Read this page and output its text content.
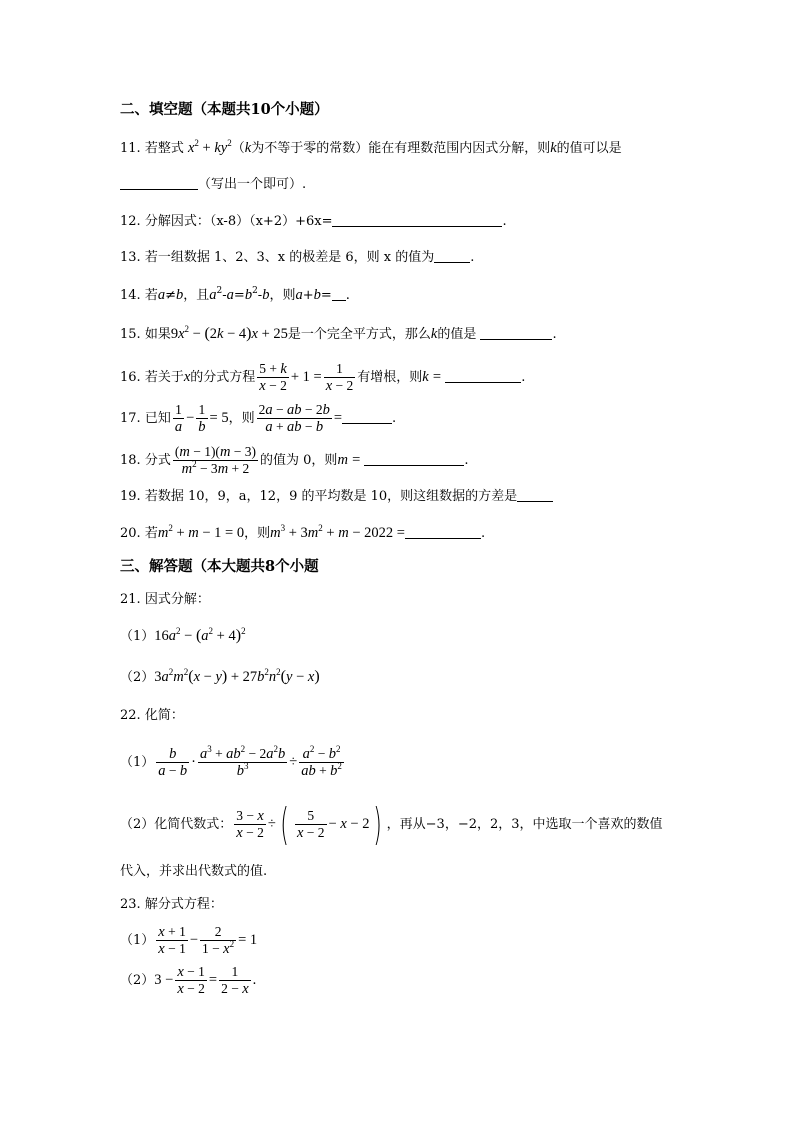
二、填空题（本题共10个小题）
11. 若整式 $x^2 + ky^2(k$为不等于零的常数）能在有理数范围内因式分解，则k的值可以是
（写出一个即可）.
12. 分解因式：（x-8）（x+2）+6x=	.
13. 若一组数据 1、2、3、x 的极差是 6，则 x 的值为	.
14. 若a≠b，且$a^2-a=b^2-b$，则a+b= .
15. 如果$9x^2 - (2k - 4)x + 25$是一个完全平方式，那么k的值是	.
16. 若关于x的分式方程 $\frac{5 + k}{x - 2} + 1 = \frac{1}{x - 2}$ 有增根，则k =	.
17. 已知 $\frac{1}{a} - \frac{1}{b} = 5$，则 $\frac{2a - ab - 2b}{a + ab - b}$ =	.
18. 分式 $\frac{(m - 1)(m - 3)}{m^2 - 3m + 2}$ 的值为 0，则m =	.
19. 若数据 10，9，a，12，9 的平均数是 10，则这组数据的方差是
20. 若$m^2 + m - 1 = 0$，则$m^3 + 3m^2 + m - 2022$ =	.
三、解答题（本大题共8个小题
21. 因式分解：
$(1)16a^2 - (a^2 + 4)^2$
$(2)3a^2m^2(x - y) + 27b^2n^2(y - x)$
22. 化简：
$(1) \frac{b}{a - b} \cdot \frac{a^3 + ab^2 - 2a^2b}{b^3} \div \frac{a^2 - b^2}{ab + b^2}$
（2）化简代数式： $\frac{3 - x}{x - 2}$ ÷( $\frac{5}{x - 2} - x - 2$) ，再从−3，−2，2，3，中选取一个喜欢的数值
代入，并求出代数式的值.
23. 解分式方程：
$(1) \frac{x + 1}{x - 1} - \frac{2}{1 - x^2} = 1$
$(2)3 - \frac{x - 1}{x - 2} = \frac{1}{2 - x}$ .
